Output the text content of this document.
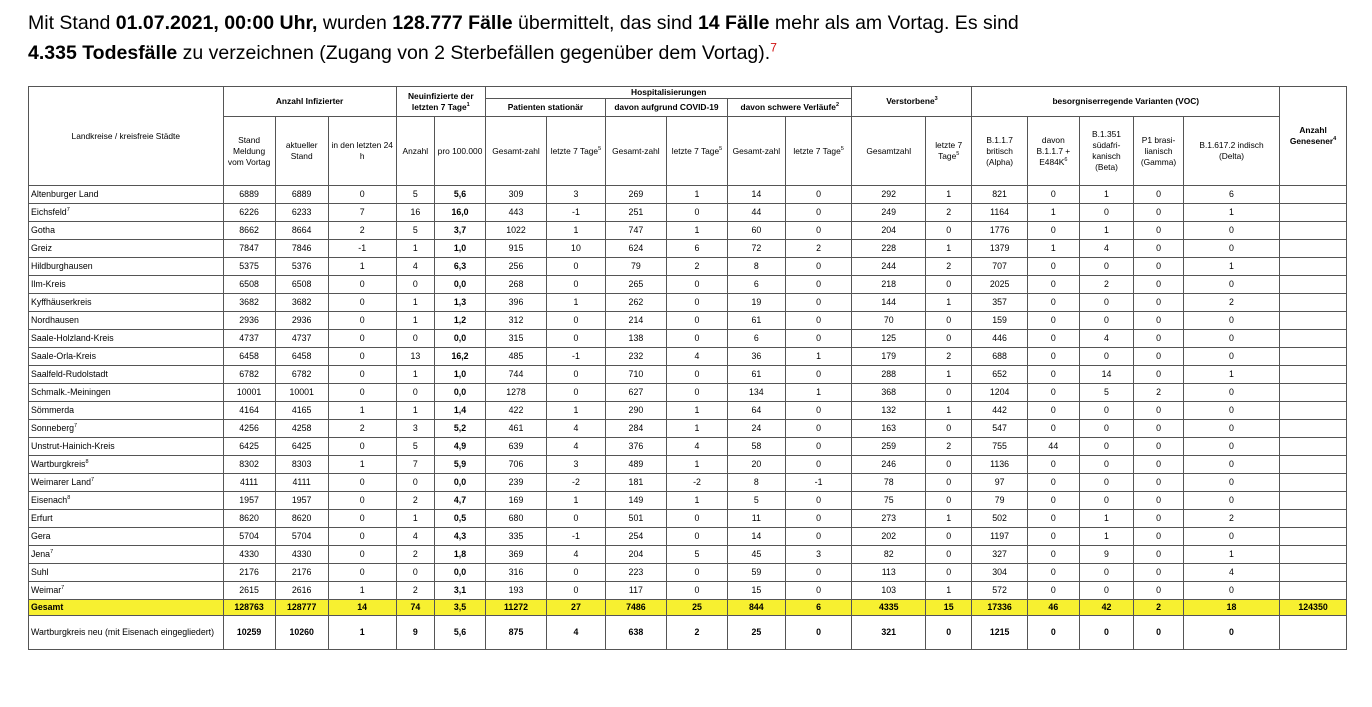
Mit Stand 01.07.2021, 00:00 Uhr, wurden 128.777 Fälle übermittelt, das sind 14 Fälle mehr als am Vortag. Es sind
4.335 Todesfälle zu verzeichnen (Zugang von 2 Sterbefällen gegenüber dem Vortag).$^7$
Landkreise / kreisfreie Städte	Anzahl Infizierter			Neuinfizierte der letzten 7 Tage$^1$		Hospitalisierungen						Verstorbene$^3$		besorgniserregende Varianten (VOC)					Anzahl Genesener$^4$
						Patienten stationär		davon aufgrund COVID-19		davon schwere Verläufe$^2$
	Stand Meldung vom Vortag	aktueller Stand	in den letzten 24 h	Anzahl	pro 100.000	Gesamt-zahl	letzte 7 Tage$^5$	Gesamt-zahl	letzte 7 Tage$^5$	Gesamt-zahl	letzte 7 Tage$^5$	Gesamtzahl	letzte 7 Tage$^5$	B.1.1.7 britisch (Alpha)	davon B.1.1.7 + E484K$^6$	B.1.351 südafri-kanisch (Beta)	P1 brasi-lianisch (Gamma)	B.1.617.2 indisch (Delta)	
Altenburger Land	6889	6889	0	5	5,6	309	3	269	1	14	0	292	1	821	0	1	0	6	
Eichsfeld$^7$	6226	6233	7	16	16,0	443	-1	251	0	44	0	249	2	1164	1	0	0	1	
Gotha	8662	8664	2	5	3,7	1022	1	747	1	60	0	204	0	1776	0	1	0	0	
Greiz	7847	7846	-1	1	1,0	915	10	624	6	72	2	228	1	1379	1	4	0	0	
Hildburghausen	5375	5376	1	4	6,3	256	0	79	2	8	0	244	2	707	0	0	0	1	
Ilm-Kreis	6508	6508	0	0	0,0	268	0	265	0	6	0	218	0	2025	0	2	0	0	
Kyffhäuserkreis	3682	3682	0	1	1,3	396	1	262	0	19	0	144	1	357	0	0	0	2	
Nordhausen	2936	2936	0	1	1,2	312	0	214	0	61	0	70	0	159	0	0	0	0	
Saale-Holzland-Kreis	4737	4737	0	0	0,0	315	0	138	0	6	0	125	0	446	0	4	0	0	
Saale-Orla-Kreis	6458	6458	0	13	16,2	485	-1	232	4	36	1	179	2	688	0	0	0	0	
Saalfeld-Rudolstadt	6782	6782	0	1	1,0	744	0	710	0	61	0	288	1	652	0	14	0	1	
Schmalk.-Meiningen	10001	10001	0	0	0,0	1278	0	627	0	134	1	368	0	1204	0	5	2	0	
Sömmerda	4164	4165	1	1	1,4	422	1	290	1	64	0	132	1	442	0	0	0	0	
Sonneberg$^7$	4256	4258	2	3	5,2	461	4	284	1	24	0	163	0	547	0	0	0	0	
Unstrut-Hainich-Kreis	6425	6425	0	5	4,9	639	4	376	4	58	0	259	2	755	44	0	0	0	
Wartburgkreis$^8$	8302	8303	1	7	5,9	706	3	489	1	20	0	246	0	1136	0	0	0	0	
Weimarer Land$^7$	4111	4111	0	0	0,0	239	-2	181	-2	8	-1	78	0	97	0	0	0	0	
Eisenach$^8$	1957	1957	0	2	4,7	169	1	149	1	5	0	75	0	79	0	0	0	0	
Erfurt	8620	8620	0	1	0,5	680	0	501	0	11	0	273	1	502	0	1	0	2	
Gera	5704	5704	0	4	4,3	335	-1	254	0	14	0	202	0	1197	0	1	0	0	
Jena$^7$	4330	4330	0	2	1,8	369	4	204	5	45	3	82	0	327	0	9	0	1	
Suhl	2176	2176	0	0	0,0	316	0	223	0	59	0	113	0	304	0	0	0	4	
Weimar$^7$	2615	2616	1	2	3,1	193	0	117	0	15	0	103	1	572	0	0	0	0	
Gesamt	128763	128777	14	74	3,5	11272	27	7486	25	844	6	4335	15	17336	46	42	2	18	124350
Wartburgkreis neu (mit Eisenach eingegliedert)	10259	10260	1	9	5,6	875	4	638	2	25	0	321	0	1215	0	0	0	0	
